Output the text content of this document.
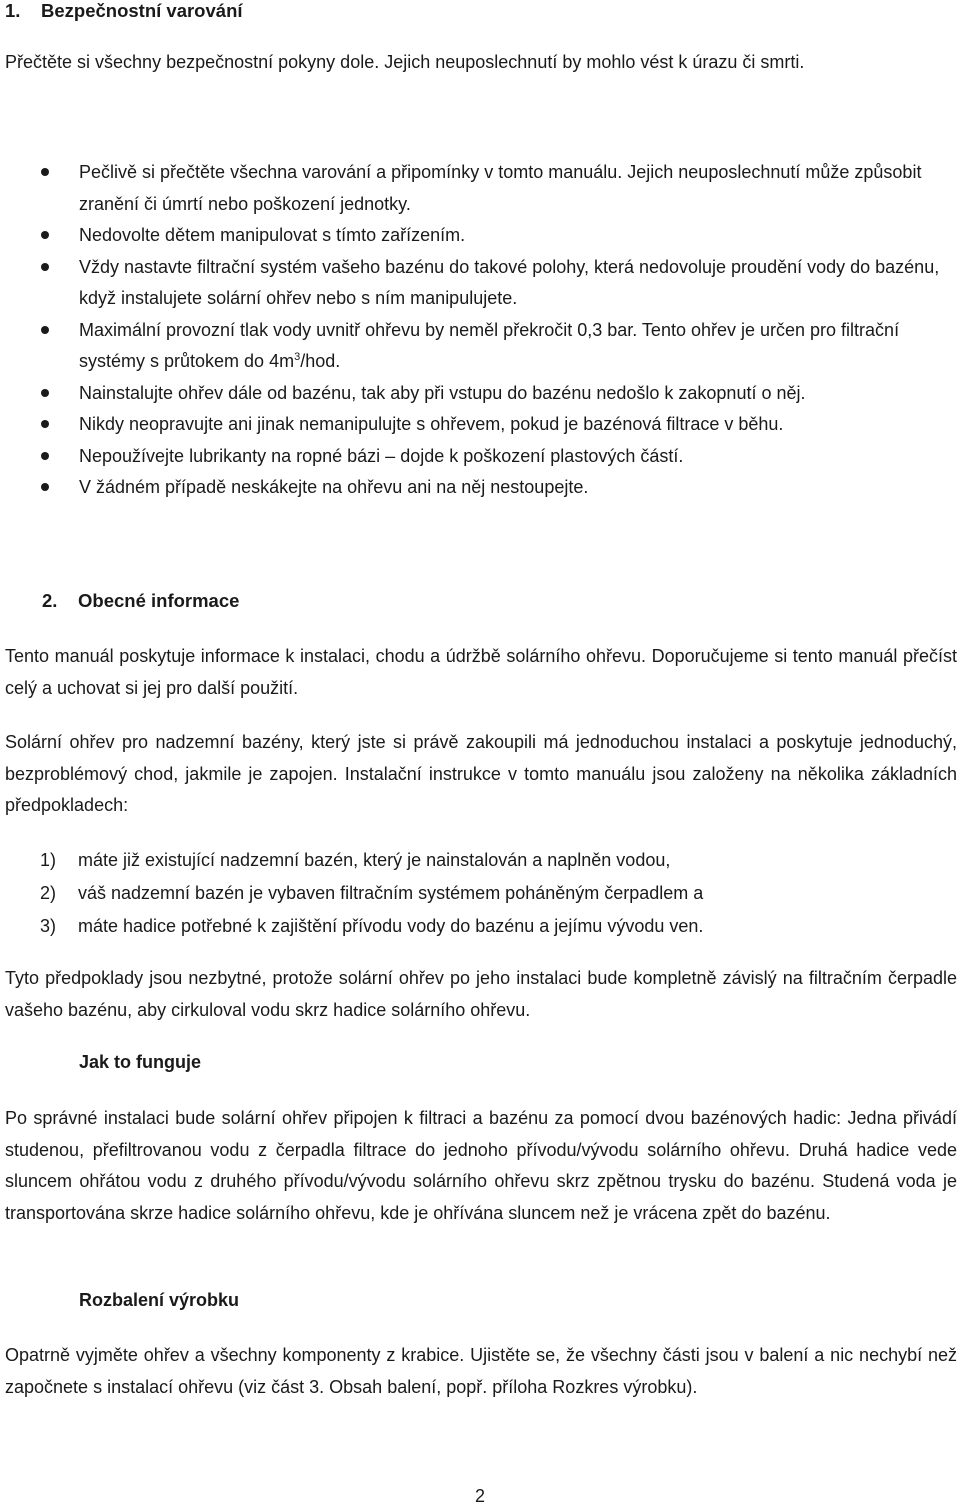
1. Bezpečnostní varování

Přečtěte si všechny bezpečnostní pokyny dole. Jejich neuposlechnutí by mohlo vést k úrazu či smrti.

Pečlivě si přečtěte všechna varování a připomínky v tomto manuálu. Jejich neuposlechnutí může způsobit zranění či úmrtí nebo poškození jednotky.
Nedovolte dětem manipulovat s tímto zařízením.
Vždy nastavte filtrační systém vašeho bazénu do takové polohy, která nedovoluje proudění vody do bazénu, když instalujete solární ohřev nebo s ním manipulujete.
Maximální provozní tlak vody uvnitř ohřevu by neměl překročit 0,3 bar. Tento ohřev je určen pro filtrační systémy s průtokem do $4m^3$/hod.
Nainstalujte ohřev dále od bazénu, tak aby při vstupu do bazénu nedošlo k zakopnutí o něj.
Nikdy neopravujte ani jinak nemanipulujte s ohřevem, pokud je bazénová filtrace v běhu.
Nepoužívejte lubrikanty na ropné bázi – dojde k poškození plastových částí.
V žádném případě neskákejte na ohřevu ani na něj nestoupejte.
2. Obecné informace

Tento manuál poskytuje informace k instalaci, chodu a údržbě solárního ohřevu. Doporučujeme si tento manuál přečíst celý a uchovat si jej pro další použití.

Solární ohřev pro nadzemní bazény, který jste si právě zakoupili má jednoduchou instalaci a poskytuje jednoduchý, bezproblémový chod, jakmile je zapojen. Instalační instrukce v tomto manuálu jsou založeny na několika základních předpokladech:

1) máte již existující nadzemní bazén, který je nainstalován a naplněn vodou,
2) váš nadzemní bazén je vybaven filtračním systémem poháněným čerpadlem a
3) máte hadice potřebné k zajištění přívodu vody do bazénu a jejímu vývodu ven.

Tyto předpoklady jsou nezbytné, protože solární ohřev po jeho instalaci bude kompletně závislý na filtračním čerpadle vašeho bazénu, aby cirkuloval vodu skrz hadice solárního ohřevu.

Jak to funguje

Po správné instalaci bude solární ohřev připojen k filtraci a bazénu za pomocí dvou bazénových hadic: Jedna přivádí studenou, přefiltrovanou vodu z čerpadla filtrace do jednoho přívodu/vývodu solárního ohřevu. Druhá hadice vede sluncem ohřátou vodu z druhého přívodu/vývodu solárního ohřevu skrz zpětnou trysku do bazénu. Studená voda je transportována skrze hadice solárního ohřevu, kde je ohřívána sluncem než je vrácena zpět do bazénu.

Rozbalení výrobku

Opatrně vyjměte ohřev a všechny komponenty z krabice. Ujistěte se, že všechny části jsou v balení a nic nechybí než započnete s instalací ohřevu (viz část 3. Obsah balení, popř. příloha Rozkres výrobku).

2
